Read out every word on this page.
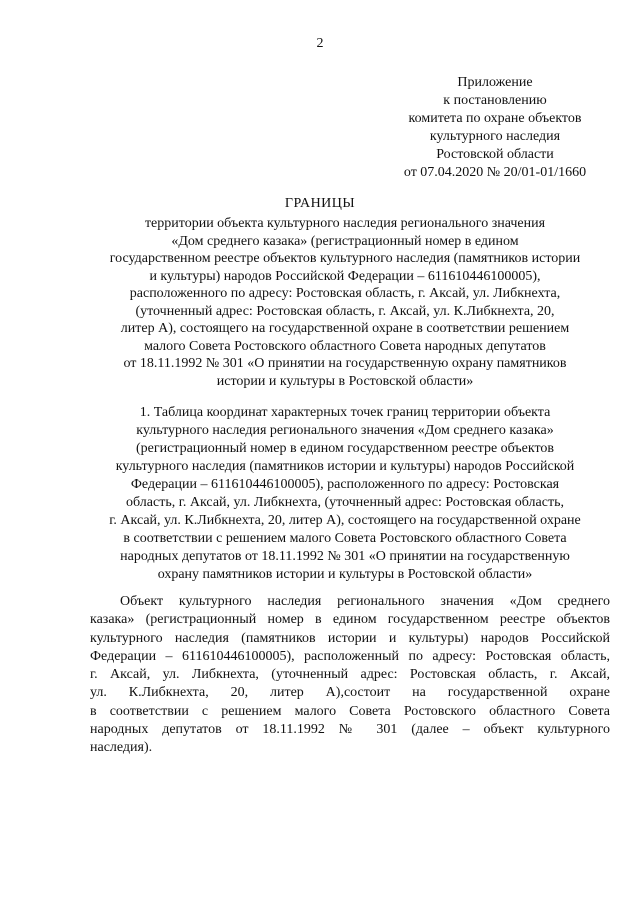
2
Приложение
к постановлению
комитета по охране объектов
культурного наследия
Ростовской области
от 07.04.2020 № 20/01-01/1660
ГРАНИЦЫ
территории объекта культурного наследия регионального значения
«Дом среднего казака» (регистрационный номер в едином
государственном реестре объектов культурного наследия (памятников истории
и культуры) народов Российской Федерации – 611610446100005),
расположенного по адресу: Ростовская область, г. Аксай, ул. Либкнехта,
(уточненный адрес: Ростовская область, г. Аксай, ул. К.Либкнехта, 20,
литер А), состоящего на государственной охране в соответствии решением
малого Совета Ростовского областного Совета народных депутатов
от 18.11.1992 № 301 «О принятии на государственную охрану памятников
истории и культуры в Ростовской области»
1. Таблица координат характерных точек границ территории объекта
культурного наследия регионального значения «Дом среднего казака»
(регистрационный номер в едином государственном реестре объектов
культурного наследия (памятников истории и культуры) народов Российской
Федерации – 611610446100005), расположенного по адресу: Ростовская
область, г. Аксай, ул. Либкнехта, (уточненный адрес: Ростовская область,
г. Аксай, ул. К.Либкнехта, 20, литер А), состоящего на государственной охране
в соответствии с решением малого Совета Ростовского областного Совета
народных депутатов от 18.11.1992 № 301 «О принятии на государственную
охрану памятников истории и культуры в Ростовской области»
Объект культурного наследия регионального значения «Дом среднего
казака» (регистрационный номер в едином государственном реестре объектов
культурного наследия (памятников истории и культуры) народов Российской
Федерации – 611610446100005), расположенный по адресу: Ростовская область,
г. Аксай, ул. Либкнехта, (уточненный адрес: Ростовская область, г. Аксай,
ул. К.Либкнехта, 20, литер А),состоит на государственной охране
в соответствии с решением малого Совета Ростовского областного Совета
народных депутатов от 18.11.1992 № 301 (далее – объект культурного
наследия).
